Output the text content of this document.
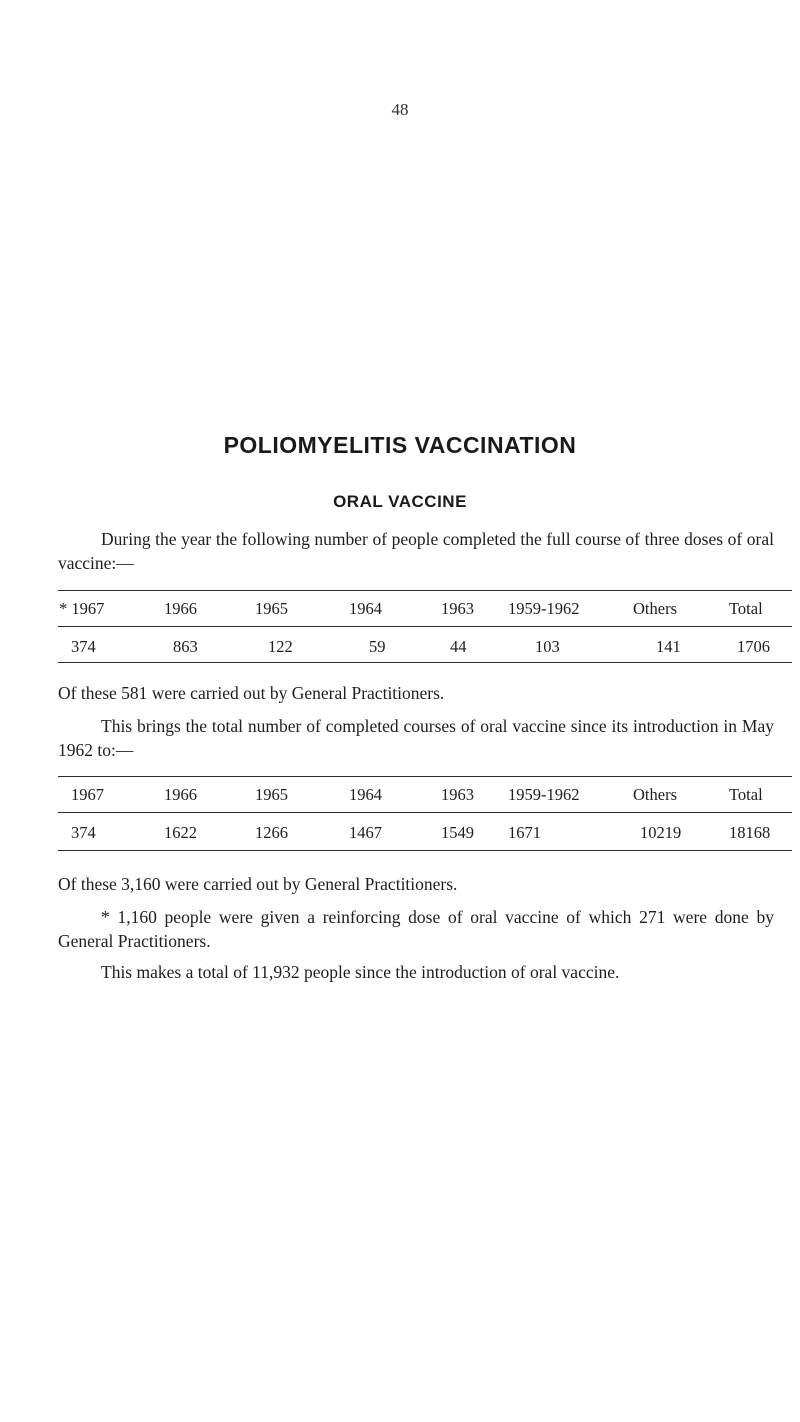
48
POLIOMYELITIS VACCINATION
ORAL VACCINE
During the year the following number of people completed the full course of three doses of oral vaccine:—
* 1967	1966	1965	1964	1963	1959-1962	Others	Total
374	863	122	59	44	103	141	1706
Of these 581 were carried out by General Practitioners.
This brings the total number of completed courses of oral vaccine since its introduction in May 1962 to:—
1967	1966	1965	1964	1963	1959-1962	Others	Total
374	1622	1266	1467	1549	1671	10219	18168
Of these 3,160 were carried out by General Practitioners.
* 1,160 people were given a reinforcing dose of oral vaccine of which 271 were done by General Practitioners.
This makes a total of 11,932 people since the introduction of oral vaccine.
